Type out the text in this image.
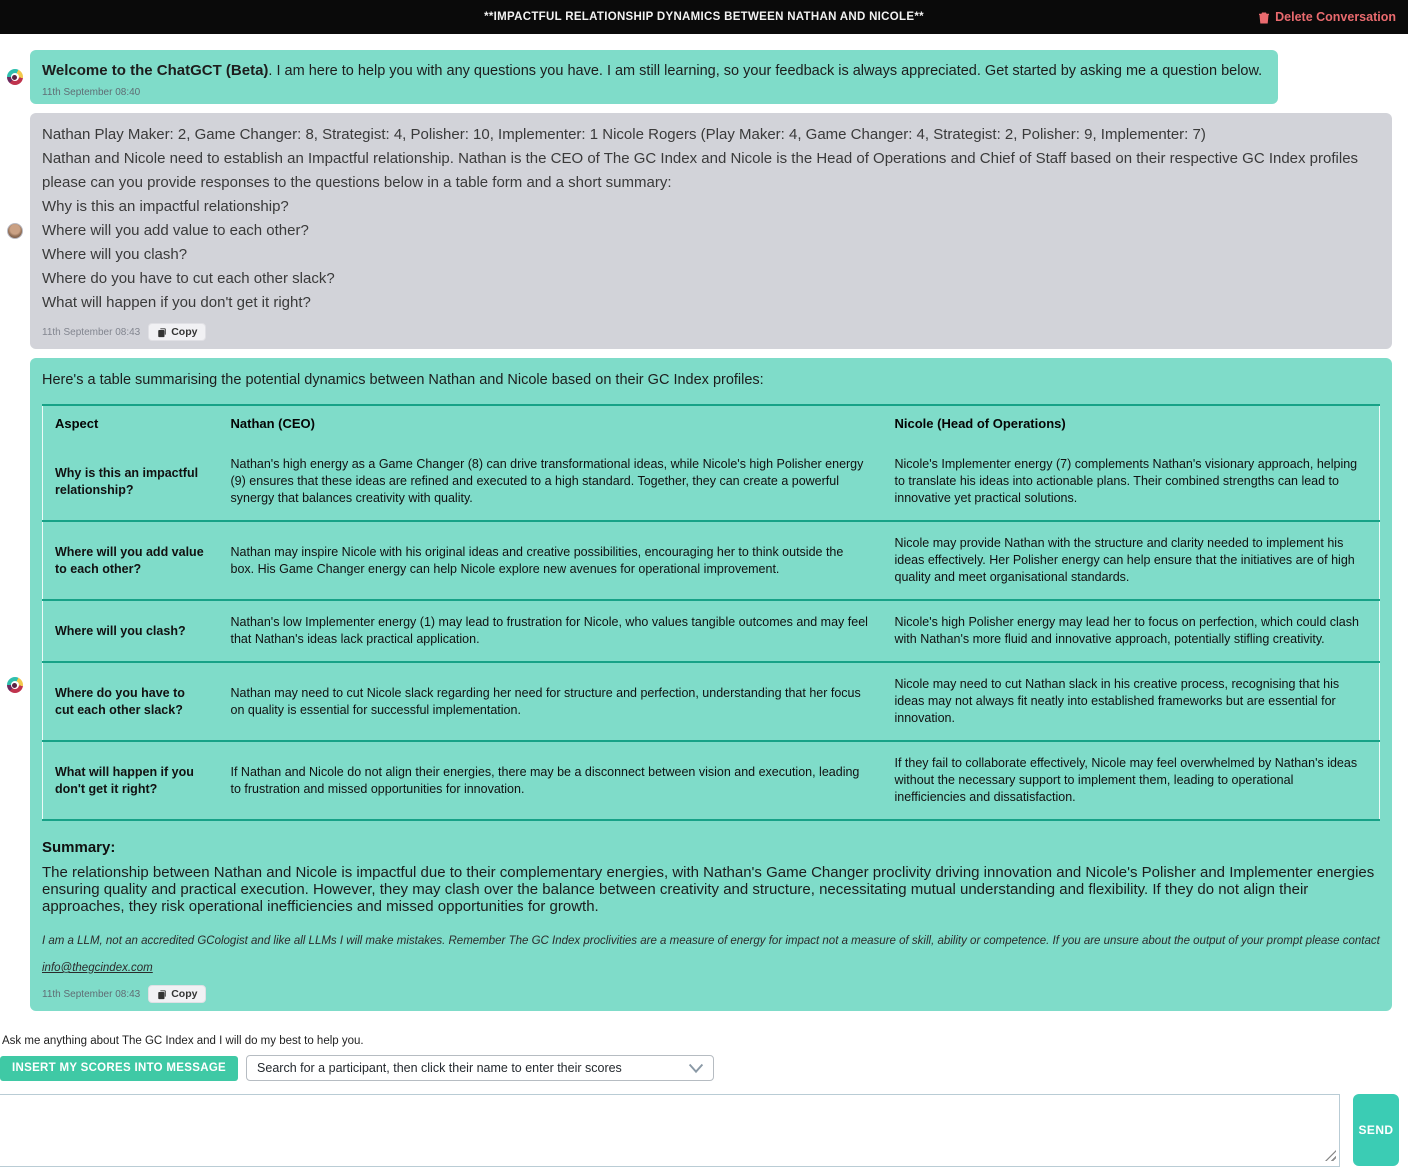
**IMPACTFUL RELATIONSHIP DYNAMICS BETWEEN NATHAN AND NICOLE**	Delete Conversation
Welcome to the ChatGCT (Beta). I am here to help you with any questions you have. I am still learning, so your feedback is always appreciated. Get started by asking me a question below.
11th September 08:40

Nathan Play Maker: 2, Game Changer: 8, Strategist: 4, Polisher: 10, Implementer: 1 Nicole Rogers (Play Maker: 4, Game Changer: 4, Strategist: 2, Polisher: 9, Implementer: 7)

Nathan and Nicole need to establish an Impactful relationship. Nathan is the CEO of The GC Index and Nicole is the Head of Operations and Chief of Staff based on their respective GC Index profiles please can you provide responses to the questions below in a table form and a short summary:

Why is this an impactful relationship?

Where will you add value to each other?

Where will you clash?

Where do you have to cut each other slack?

What will happen if you don't get it right?

11th September 08:43	Copy

Here's a table summarising the potential dynamics between Nathan and Nicole based on their GC Index profiles:

Aspect	Nathan (CEO)	Nicole (Head of Operations)
Why is this an impactful relationship?	Nathan's high energy as a Game Changer (8) can drive transformational ideas, while Nicole's high Polisher energy (9) ensures that these ideas are refined and executed to a high standard. Together, they can create a powerful synergy that balances creativity with quality.	Nicole's Implementer energy (7) complements Nathan's visionary approach, helping to translate his ideas into actionable plans. Their combined strengths can lead to innovative yet practical solutions.
Where will you add value to each other?	Nathan may inspire Nicole with his original ideas and creative possibilities, encouraging her to think outside the box. His Game Changer energy can help Nicole explore new avenues for operational improvement.	Nicole may provide Nathan with the structure and clarity needed to implement his ideas effectively. Her Polisher energy can help ensure that the initiatives are of high quality and meet organisational standards.
Where will you clash?	Nathan's low Implementer energy (1) may lead to frustration for Nicole, who values tangible outcomes and may feel that Nathan's ideas lack practical application.	Nicole's high Polisher energy may lead her to focus on perfection, which could clash with Nathan's more fluid and innovative approach, potentially stifling creativity.
Where do you have to cut each other slack?	Nathan may need to cut Nicole slack regarding her need for structure and perfection, understanding that her focus on quality is essential for successful implementation.	Nicole may need to cut Nathan slack in his creative process, recognising that his ideas may not always fit neatly into established frameworks but are essential for innovation.
What will happen if you don't get it right?	If Nathan and Nicole do not align their energies, there may be a disconnect between vision and execution, leading to frustration and missed opportunities for innovation.	If they fail to collaborate effectively, Nicole may feel overwhelmed by Nathan's ideas without the necessary support to implement them, leading to operational inefficiencies and dissatisfaction.
Summary:
The relationship between Nathan and Nicole is impactful due to their complementary energies, with Nathan's Game Changer proclivity driving innovation and Nicole's Polisher and Implementer energies ensuring quality and practical execution. However, they may clash over the balance between creativity and structure, necessitating mutual understanding and flexibility. If they do not align their approaches, they risk operational inefficiencies and missed opportunities for growth.
I am a LLM, not an accredited GCologist and like all LLMs I will make mistakes. Remember The GC Index proclivities are a measure of energy for impact not a measure of skill, ability or competence. If you are unsure about the output of your prompt please contact info@thegcindex.com
11th September 08:43	Copy

Ask me anything about The GC Index and I will do my best to help you.

INSERT MY SCORES INTO MESSAGE	Search for a participant, then click their name to enter their scores
SEND
